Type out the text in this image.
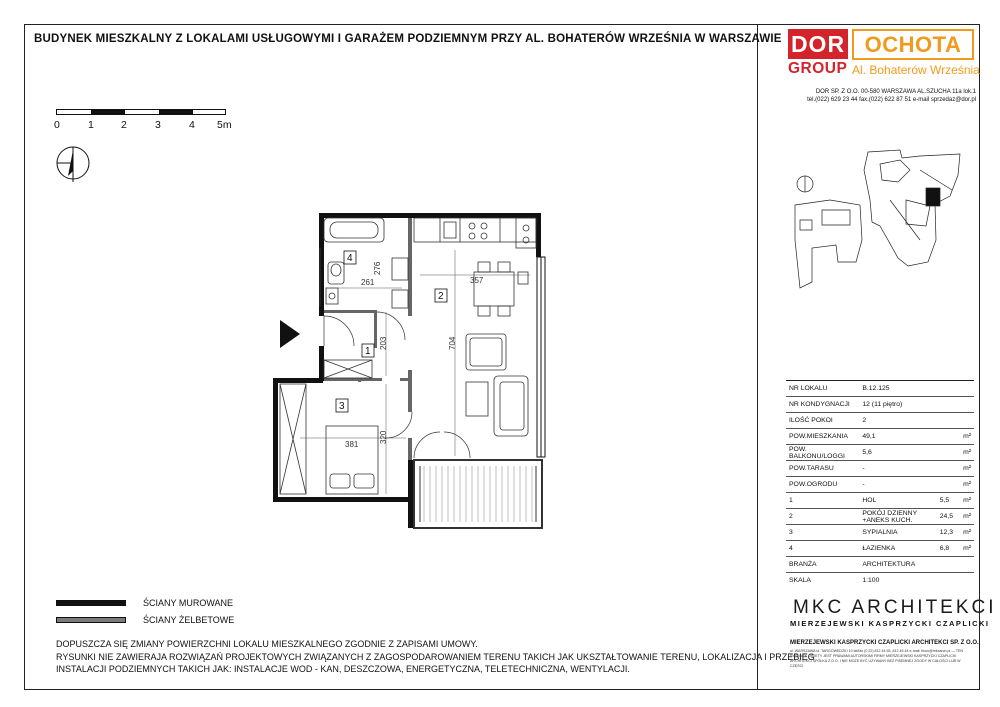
BUDYNEK MIESZKALNY Z LOKALAMI USŁUGOWYMI I GARAŻEM PODZIEMNYM PRZY AL. BOHATERÓW WRZEŚNIA W WARSZAWIE DOR
GROUP
OCHOTA
Al. Bohaterów Września
DOR SP. Z O.O. 00-580 WARSZAWA AL.SZUCHA 11a lok.1
tel.(022) 629 23 44 fax.(022) 622 87 51 e-mail sprzedaz@dor.pl
0	1	2	3	4 5m
276
261	357
704
203
381
320
1
2
3
4
NR LOKALU	B.12.125		
NR KONDYGNACJI	12 (11 piętro)		
ILOŚĆ POKOI	2		
POW.MIESZKANIA	49,1		m²
POW. BALKONU/LOGGI	5,6		m²
POW.TARASU	-		m²
POW.OGRODU	-		m²
1	HOL	5,5	m²
2	POKÓJ DZIENNY +ANEKS KUCH.	24,5	m²
3	SYPIALNIA	12,3	m²
4	ŁAZIENKA	6,8	m²
BRANŻA	ARCHITEKTURA		
SKALA	1:100		
ŚCIANY MUROWANE
ŚCIANY ŻELBETOWE
DOPUSZCZA SIĘ ZMIANY POWIERZCHNI LOKALU MIESZKALNEGO ZGODNIE Z ZAPISAMI UMOWY.
RYSUNKI NIE ZAWIERAJA ROZWIĄZAŃ PROJEKTOWYCH ZWIĄZANYCH Z ZAGOSPODAROWANIEM TERENU TAKICH JAK UKSZTAŁTOWANIE TERENU, LOKALIZACJA I PRZEBIEG
INSTALACJI PODZIEMNYCH TAKICH JAK: INSTALACJE WOD - KAN, DESZCZOWA, ENERGETYCZNA, TELETECHNICZNA, WENTYLACJI.
MKC ARCHITEKCI
MIERZEJEWSKI KASPRZYCKI CZAPLICKI
MIERZEJEWSKI KASPRZYCKI CZAPLICKI ARCHITEKCI SP. Z O.O.
ul. WARSZAWA ul. TARGOWEDZKI 10 tel/fax (0 22) 812 44 55, 812 45 44 e-mail: biuro@mkcarch.pl — TEN RYSUNEK OBJETY JEST PRAWAMI AUTORSKIMI FIRMY MIERZEJEWSKI KASPRZYCKI CZAPLICKI ARCHITEKCI SPÓŁKA Z O.O. I NIE MOŻE BYĆ UŻYWANY BEZ PISEMNEJ ZGODY W CAŁOŚCI LUB W CZĘŚCI
